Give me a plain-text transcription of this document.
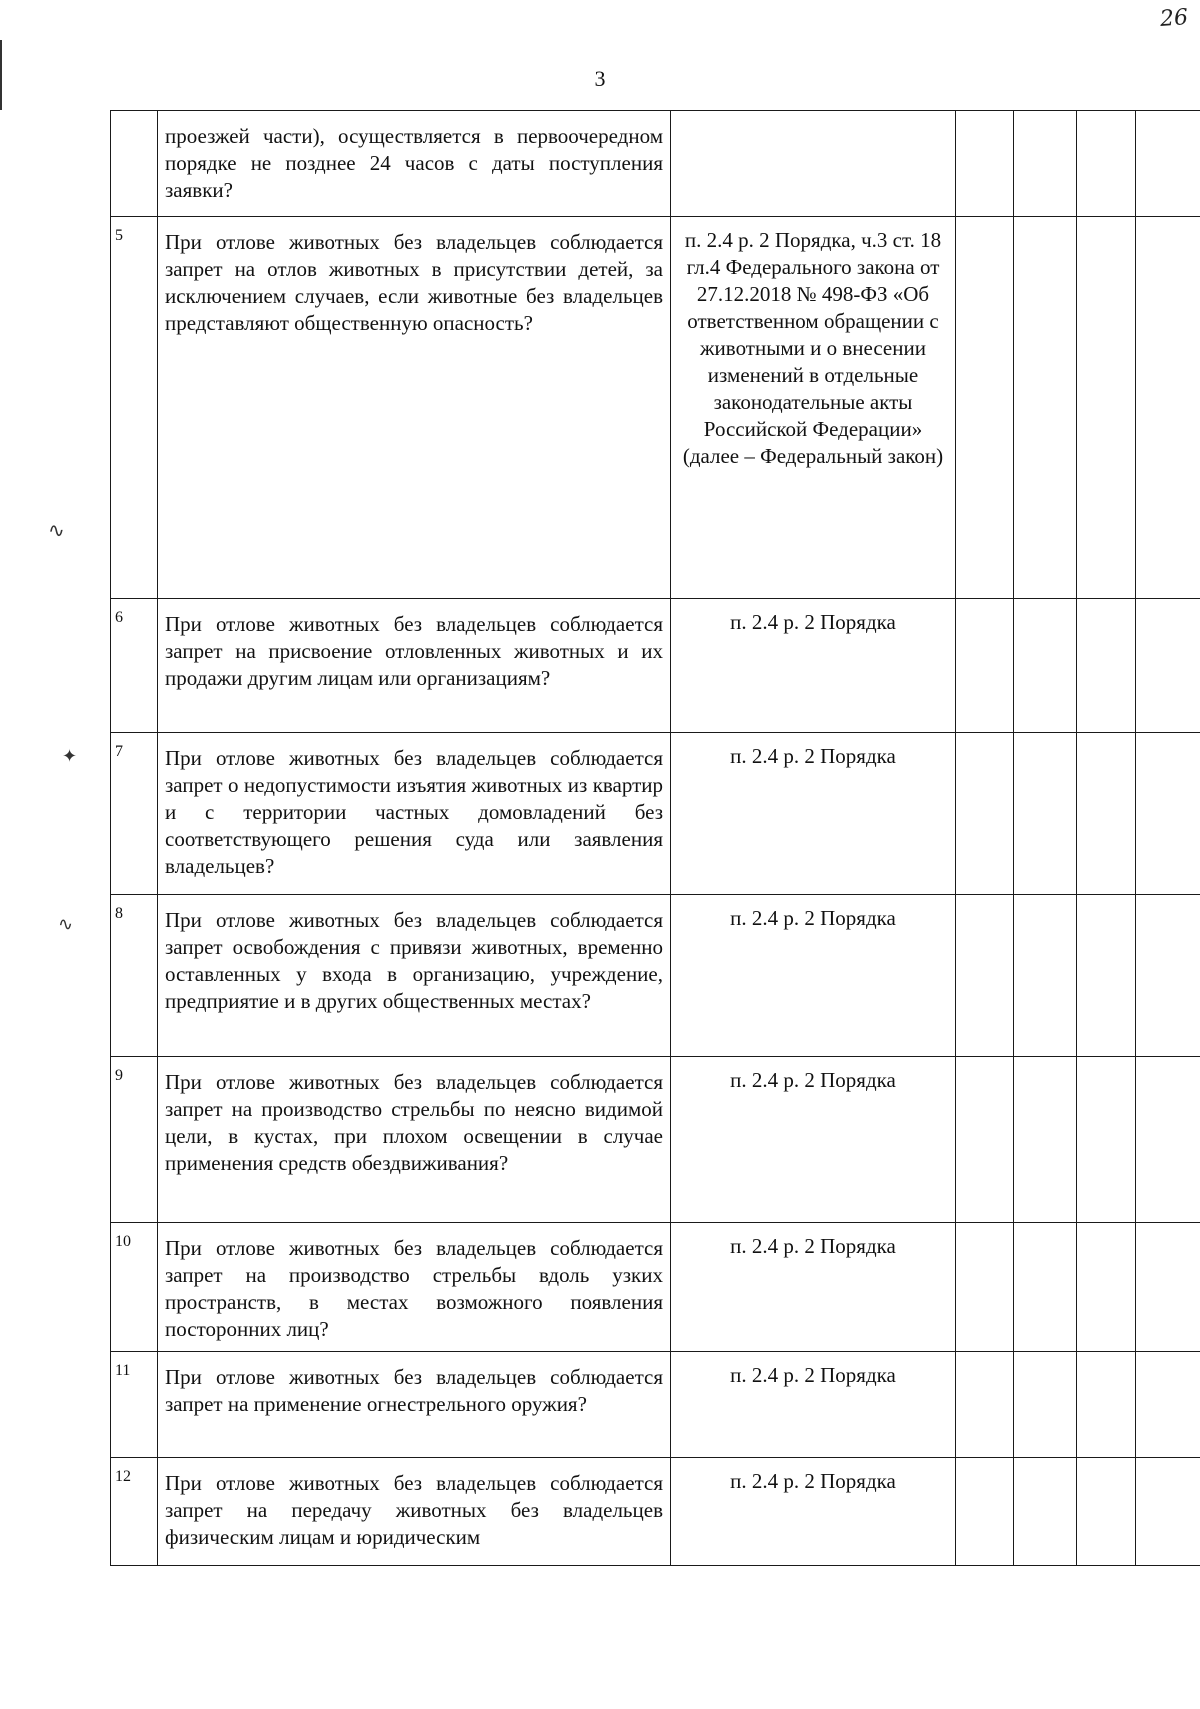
26
3
∿
✦
∿
	проезжей части), осуществляется в первоочередном порядке не позднее 24 часов с даты поступления заявки?					
5	При отлове животных без владельцев соблюдается запрет на отлов животных в присутствии детей, за исключением случаев, если животные без владельцев представляют общественную опасность?	п. 2.4 р. 2 Порядка, ч.3 ст. 18 гл.4 Федерального закона от 27.12.2018 № 498-ФЗ «Об ответственном обращении с животными и о внесении изменений в отдельные законодательные акты Российской Федерации» (далее – Федеральный закон)				
6	При отлове животных без владельцев соблюдается запрет на присвоение отловленных животных и их продажи другим лицам или организациям?	п. 2.4 р. 2 Порядка				
7	При отлове животных без владельцев соблюдается запрет о недопустимости изъятия животных из квартир и с территории частных домовладений без соответствующего решения суда или заявления владельцев?	п. 2.4 р. 2 Порядка				
8	При отлове животных без владельцев соблюдается запрет освобождения с привязи животных, временно оставленных у входа в организацию, учреждение, предприятие и в других общественных местах?	п. 2.4 р. 2 Порядка				
9	При отлове животных без владельцев соблюдается запрет на производство стрельбы по неясно видимой цели, в кустах, при плохом освещении в случае применения средств обездвиживания?	п. 2.4 р. 2 Порядка				
10	При отлове животных без владельцев соблюдается запрет на производство стрельбы вдоль узких пространств, в местах возможного появления посторонних лиц?	п. 2.4 р. 2 Порядка				
11	При отлове животных без владельцев соблюдается запрет на применение огнестрельного оружия?	п. 2.4 р. 2 Порядка				
12	При отлове животных без владельцев соблюдается запрет на передачу животных без владельцев физическим лицам и юридическим	п. 2.4 р. 2 Порядка				
